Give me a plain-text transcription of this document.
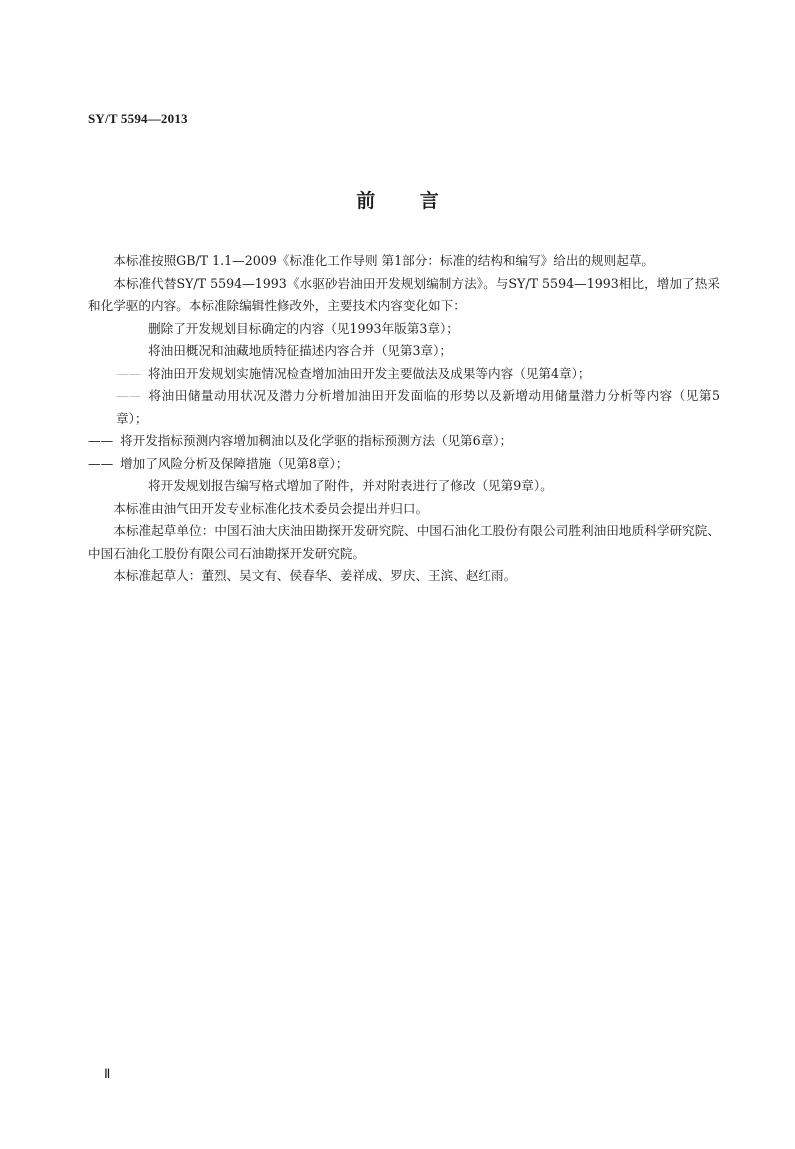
SY/T 5594—2013
前 言

本标准按照GB/T 1.1—2009《标准化工作导则 第1部分：标准的结构和编写》给出的规则起草。

本标准代替SY/T 5594—1993《水驱砂岩油田开发规划编制方法》。与SY/T 5594—1993相比，增加了热采和化学驱的内容。本标准除编辑性修改外，主要技术内容变化如下：

删除了开发规划目标确定的内容（见1993年版第3章）；

将油田概况和油藏地质特征描述内容合并（见第3章）；

—— 将油田开发规划实施情况检查增加油田开发主要做法及成果等内容（见第4章）；

—— 将油田储量动用状况及潜力分析增加油田开发面临的形势以及新增动用储量潜力分析等内容（见第5章）；

—— 将开发指标预测内容增加稠油以及化学驱的指标预测方法（见第6章）；

—— 增加了风险分析及保障措施（见第8章）；

将开发规划报告编写格式增加了附件，并对附表进行了修改（见第9章）。

本标准由油气田开发专业标准化技术委员会提出并归口。

本标准起草单位：中国石油大庆油田勘探开发研究院、中国石油化工股份有限公司胜利油田地质科学研究院、中国石油化工股份有限公司石油勘探开发研究院。

本标准起草人：董烈、吴文有、侯春华、姜祥成、罗庆、王滨、赵红雨。

Ⅱ
